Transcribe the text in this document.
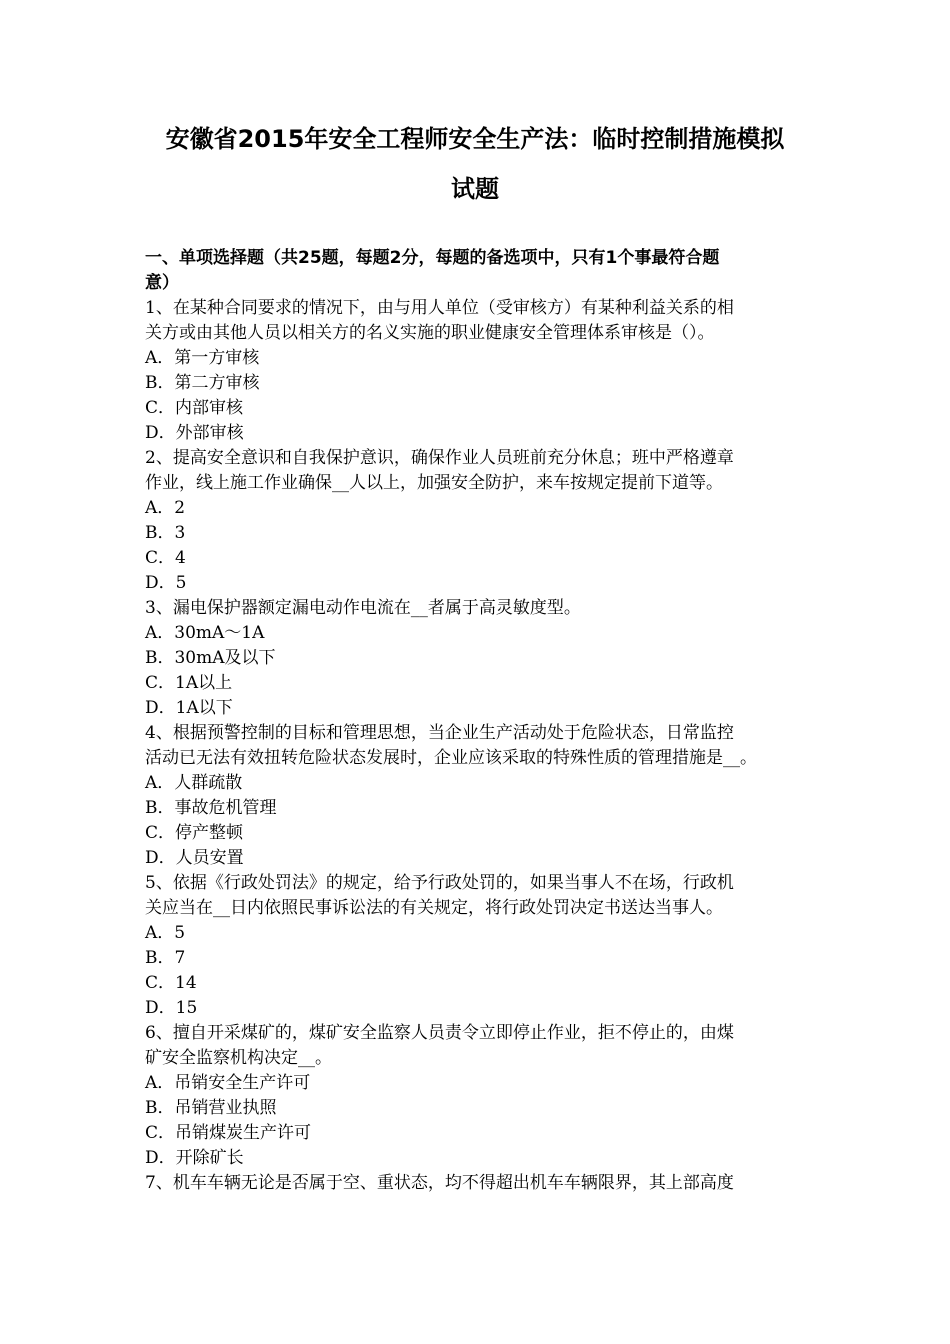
安徽省2015年安全工程师安全生产法：临时控制措施模拟
试题

一、单项选择题（共25题，每题2分，每题的备选项中，只有1个事最符合题
意）

1、在某种合同要求的情况下，由与用人单位（受审核方）有某种利益关系的相
关方或由其他人员以相关方的名义实施的职业健康安全管理体系审核是（）。

A．第一方审核
B．第二方审核
C．内部审核
D．外部审核

2、提高安全意识和自我保护意识，确保作业人员班前充分休息；班中严格遵章
作业，线上施工作业确保__人以上，加强安全防护，来车按规定提前下道等。

A．2
B．3
C．4
D．5

3、漏电保护器额定漏电动作电流在__者属于高灵敏度型。

A．30mA～1A
B．30mA及以下
C．1A以上
D．1A以下

4、根据预警控制的目标和管理思想，当企业生产活动处于危险状态，日常监控
活动已无法有效扭转危险状态发展时，企业应该采取的特殊性质的管理措施是__。

A．人群疏散
B．事故危机管理
C．停产整顿
D．人员安置

5、依据《行政处罚法》的规定，给予行政处罚的，如果当事人不在场，行政机
关应当在__日内依照民事诉讼法的有关规定，将行政处罚决定书送达当事人。

A．5
B．7
C．14
D．15

6、擅自开采煤矿的，煤矿安全监察人员责令立即停止作业，拒不停止的，由煤
矿安全监察机构决定__。

A．吊销安全生产许可
B．吊销营业执照
C．吊销煤炭生产许可
D．开除矿长

7、机车车辆无论是否属于空、重状态，均不得超出机车车辆限界，其上部高度
